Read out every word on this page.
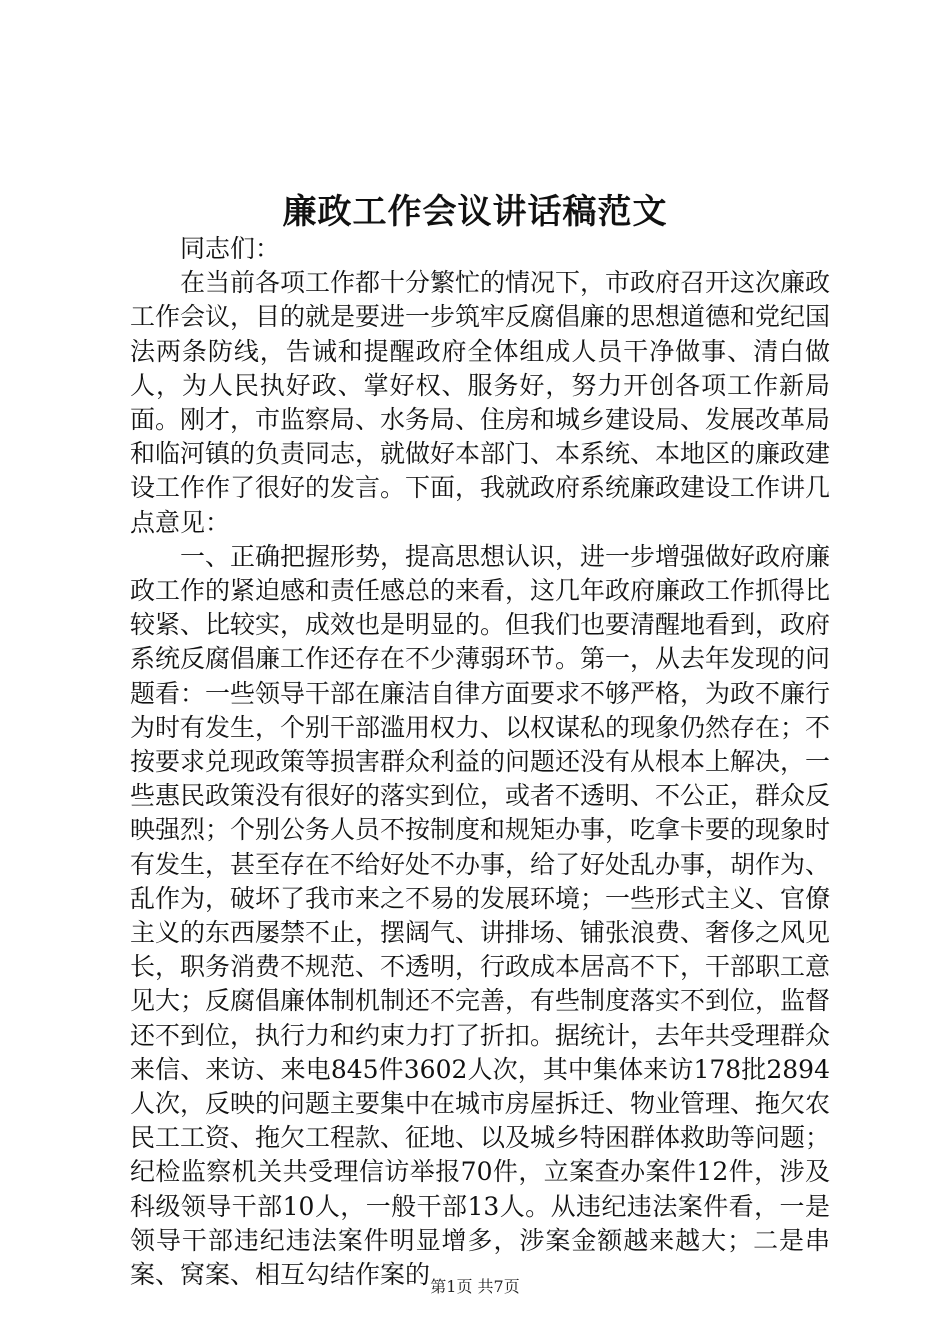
廉政工作会议讲话稿范文

同志们：

在当前各项工作都十分繁忙的情况下，市政府召开这次廉政工作会议，目的就是要进一步筑牢反腐倡廉的思想道德和党纪国法两条防线，告诫和提醒政府全体组成人员干净做事、清白做人，为人民执好政、掌好权、服务好，努力开创各项工作新局面。刚才，市监察局、水务局、住房和城乡建设局、发展改革局和临河镇的负责同志，就做好本部门、本系统、本地区的廉政建设工作作了很好的发言。下面，我就政府系统廉政建设工作讲几点意见：

一、正确把握形势，提高思想认识，进一步增强做好政府廉政工作的紧迫感和责任感总的来看，这几年政府廉政工作抓得比较紧、比较实，成效也是明显的。但我们也要清醒地看到，政府系统反腐倡廉工作还存在不少薄弱环节。第一，从去年发现的问题看：一些领导干部在廉洁自律方面要求不够严格，为政不廉行为时有发生，个别干部滥用权力、以权谋私的现象仍然存在；不按要求兑现政策等损害群众利益的问题还没有从根本上解决，一些惠民政策没有很好的落实到位，或者不透明、不公正，群众反映强烈；个别公务人员不按制度和规矩办事，吃拿卡要的现象时有发生，甚至存在不给好处不办事，给了好处乱办事，胡作为、乱作为，破坏了我市来之不易的发展环境；一些形式主义、官僚主义的东西屡禁不止，摆阔气、讲排场、铺张浪费、奢侈之风见长，职务消费不规范、不透明，行政成本居高不下，干部职工意见大；反腐倡廉体制机制还不完善，有些制度落实不到位，监督还不到位，执行力和约束力打了折扣。据统计，去年共受理群众来信、来访、来电845件3602人次，其中集体来访178批2894人次，反映的问题主要集中在城市房屋拆迁、物业管理、拖欠农民工工资、拖欠工程款、征地、以及城乡特困群体救助等问题；纪检监察机关共受理信访举报70件，立案查办案件12件，涉及科级领导干部10人，一般干部13人。从违纪违法案件看，一是领导干部违纪违法案件明显增多，涉案金额越来越大；二是串案、窝案、相互勾结作案的 第1页 共7页
